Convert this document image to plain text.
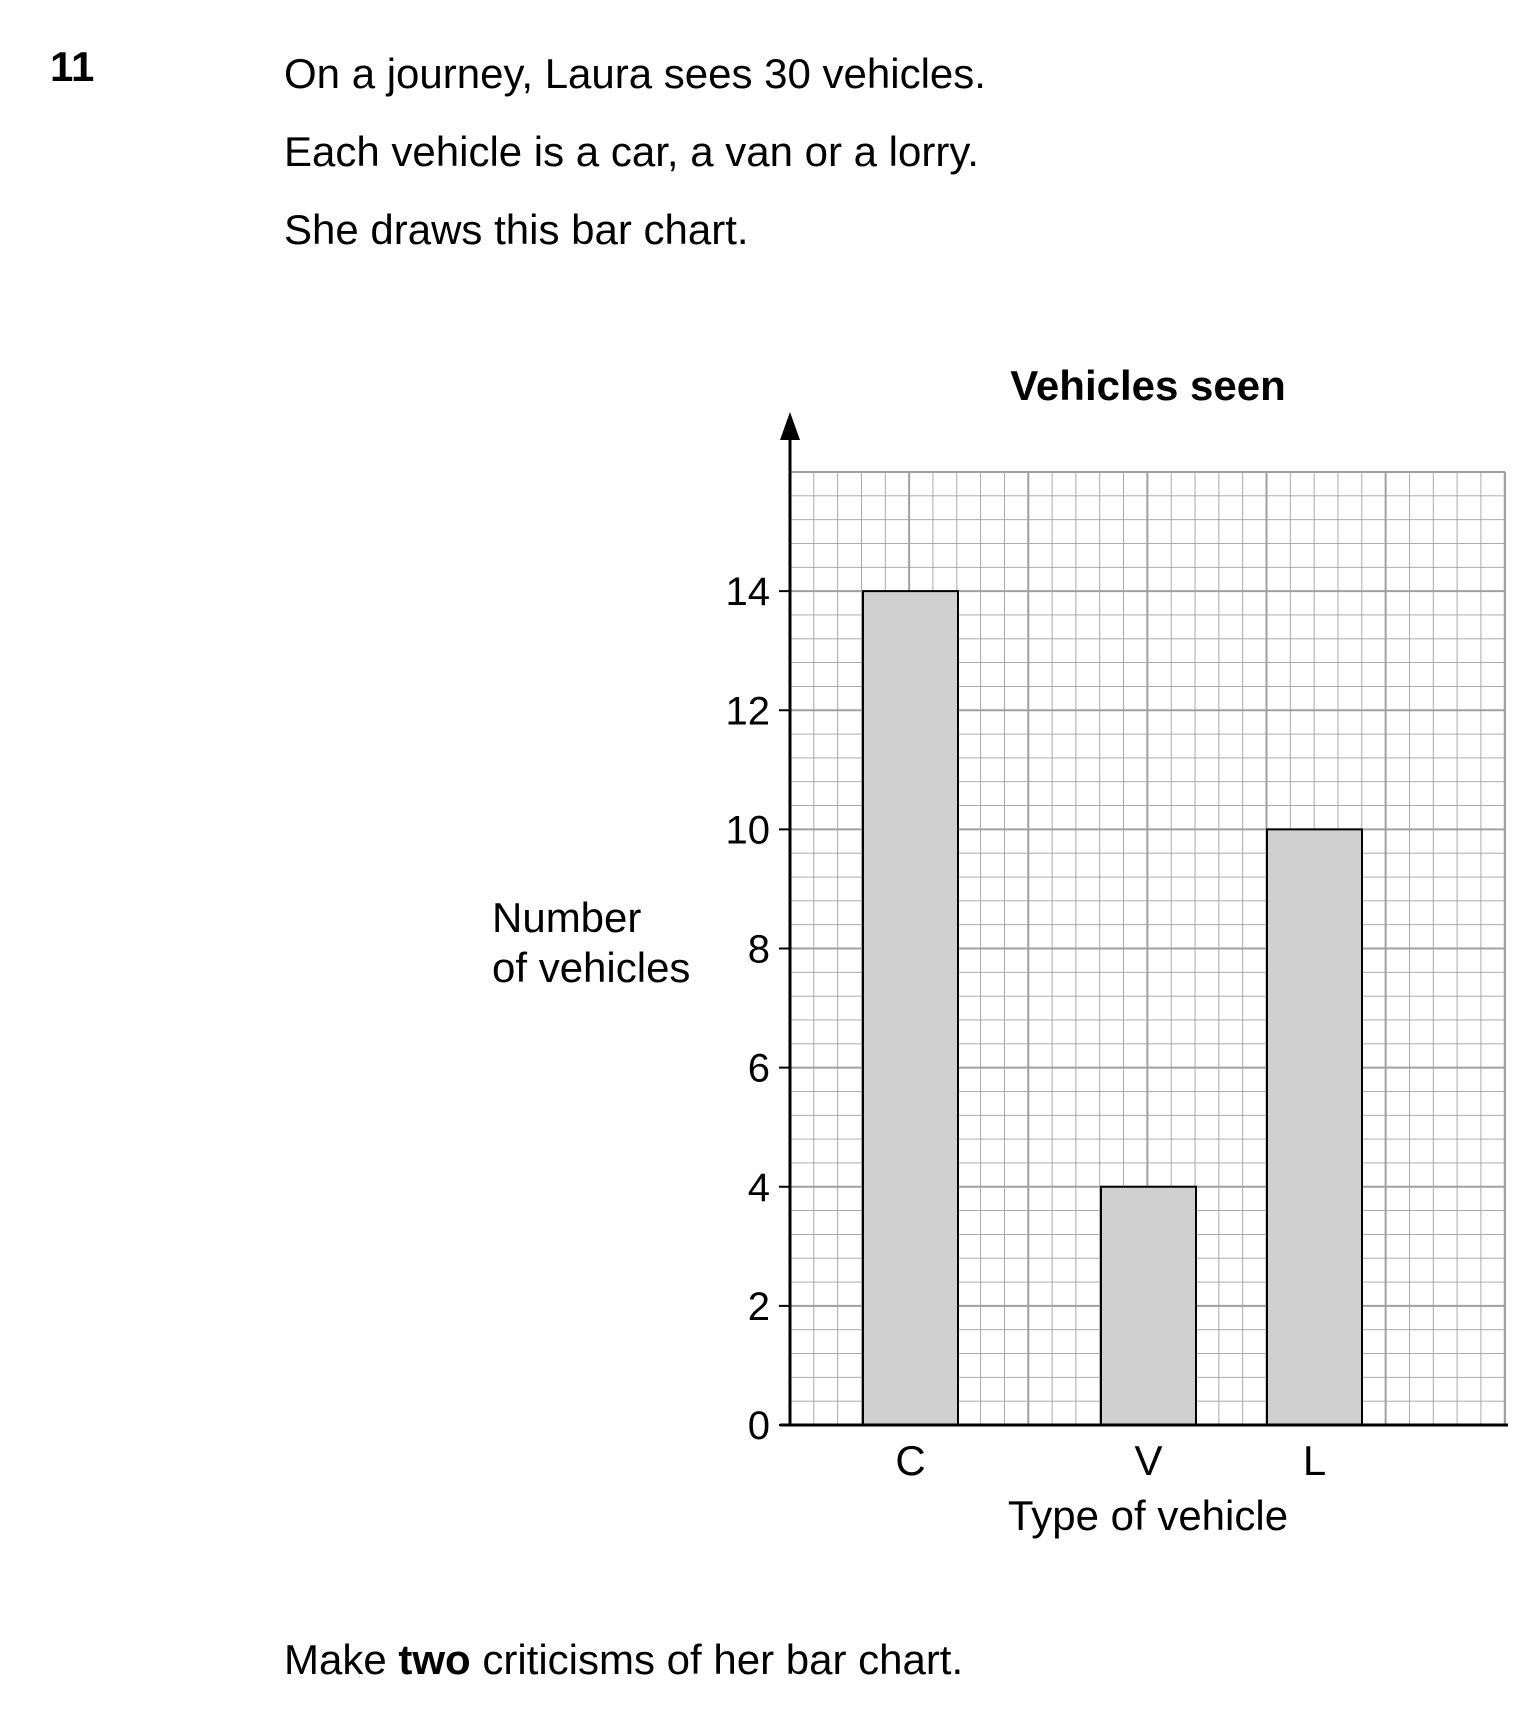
11	On a journey, Laura sees 30 vehicles.
Each vehicle is a car, a van or a lorry.
She draws this bar chart.
C	V	L
0
2
4
6
8
10
12
14
Vehicles seen
Type of vehicle
Number
of vehicles
Make two criticisms of her bar chart.
